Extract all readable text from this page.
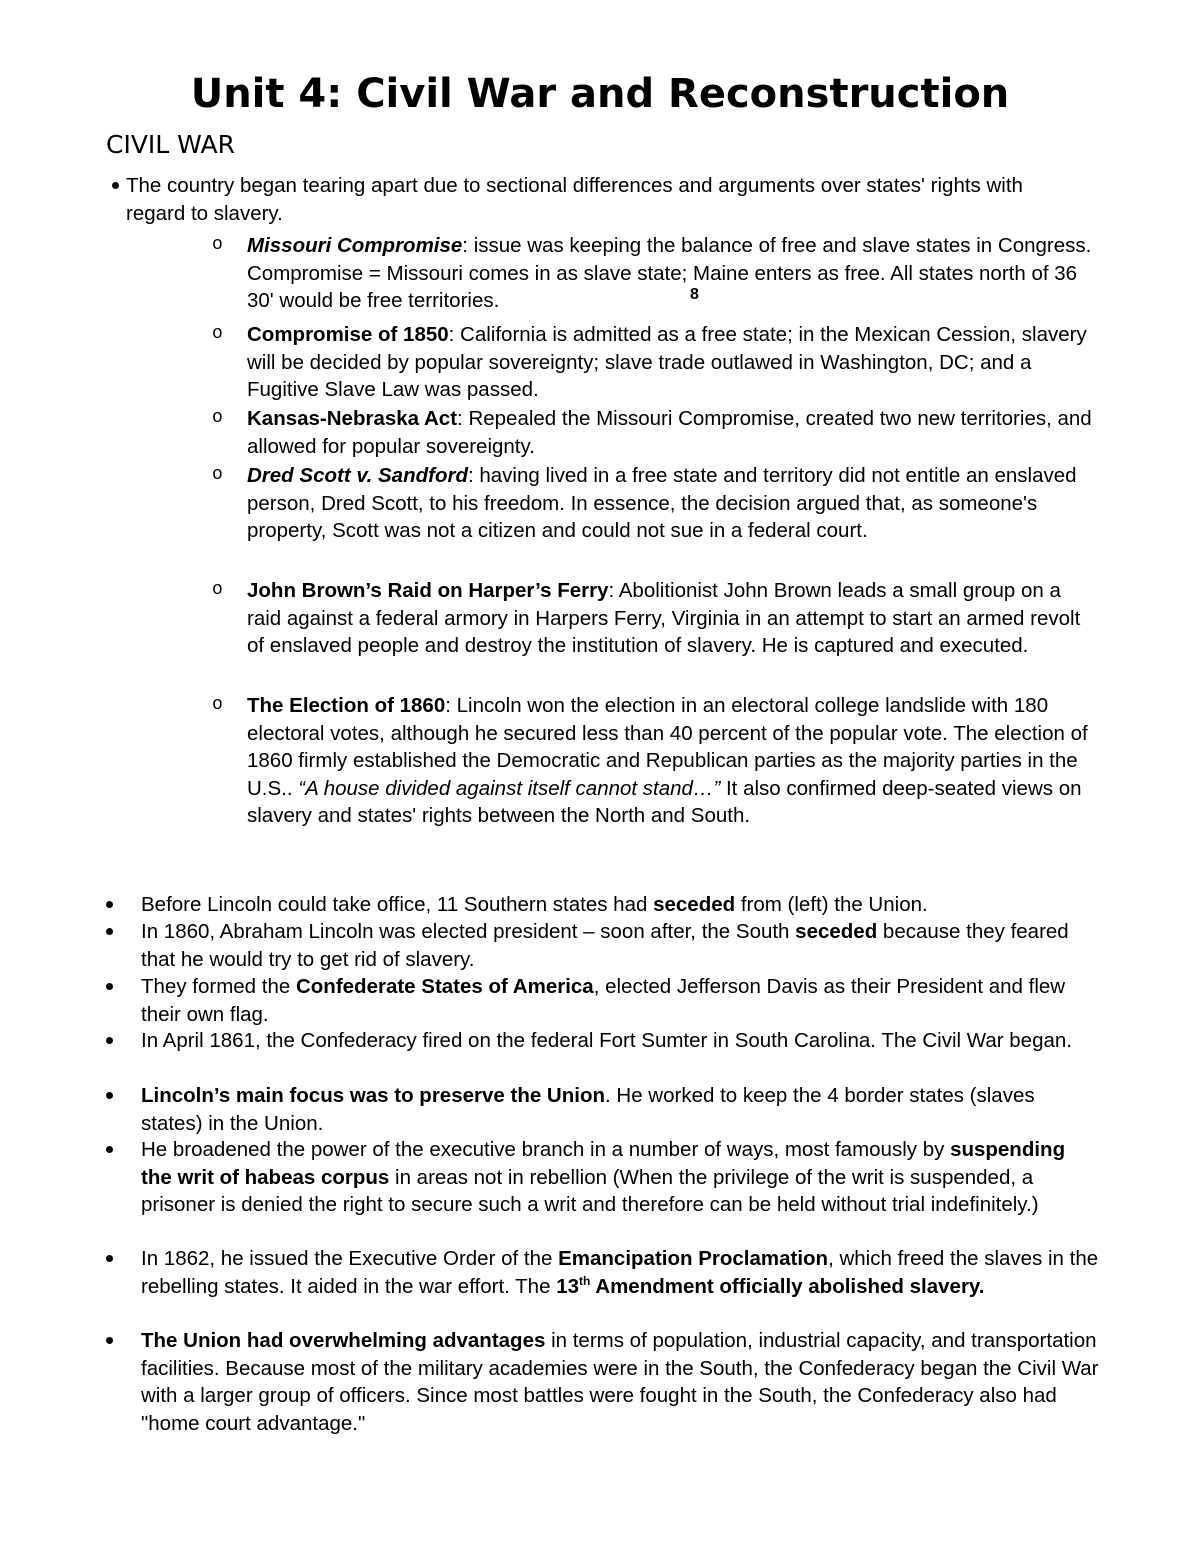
Unit 4: Civil War and Reconstruction
CIVIL WAR
The country began tearing apart due to sectional differences and arguments over states' rights with regard to slavery.
o Missouri Compromise: issue was keeping the balance of free and slave states in Congress. Compromise = Missouri comes in as slave state; Maine enters as free. All states north of 36 30' would be free territories.	8
o Compromise of 1850: California is admitted as a free state; in the Mexican Cession, slavery will be decided by popular sovereignty; slave trade outlawed in Washington, DC; and a Fugitive Slave Law was passed.
o Kansas-Nebraska Act: Repealed the Missouri Compromise, created two new territories, and allowed for popular sovereignty.
o Dred Scott v. Sandford: having lived in a free state and territory did not entitle an enslaved person, Dred Scott, to his freedom. In essence, the decision argued that, as someone's property, Scott was not a citizen and could not sue in a federal court.
o John Brown’s Raid on Harper’s Ferry: Abolitionist John Brown leads a small group on a raid against a federal armory in Harpers Ferry, Virginia in an attempt to start an armed revolt of enslaved people and destroy the institution of slavery. He is captured and executed.
o The Election of 1860: Lincoln won the election in an electoral college landslide with 180 electoral votes, although he secured less than 40 percent of the popular vote. The election of 1860 firmly established the Democratic and Republican parties as the majority parties in the U.S.. “A house divided against itself cannot stand…” It also confirmed deep-seated views on slavery and states' rights between the North and South.
Before Lincoln could take office, 11 Southern states had seceded from (left) the Union.
In 1860, Abraham Lincoln was elected president – soon after, the South seceded because they feared that he would try to get rid of slavery.
They formed the Confederate States of America, elected Jefferson Davis as their President and flew their own flag.
In April 1861, the Confederacy fired on the federal Fort Sumter in South Carolina. The Civil War began.
Lincoln’s main focus was to preserve the Union. He worked to keep the 4 border states (slaves states) in the Union.
He broadened the power of the executive branch in a number of ways, most famously by suspending the writ of habeas corpus in areas not in rebellion (When the privilege of the writ is suspended, a prisoner is denied the right to secure such a writ and therefore can be held without trial indefinitely.)
In 1862, he issued the Executive Order of the Emancipation Proclamation, which freed the slaves in the rebelling states. It aided in the war effort. The 13th Amendment officially abolished slavery.
The Union had overwhelming advantages in terms of population, industrial capacity, and transportation facilities. Because most of the military academies were in the South, the Confederacy began the Civil War with a larger group of officers. Since most battles were fought in the South, the Confederacy also had "home court advantage."
